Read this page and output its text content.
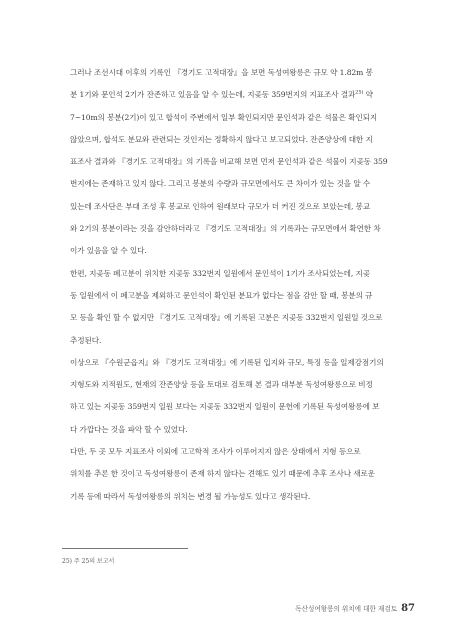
그러나 조선시대 이후의 기록인 『경기도 고적대장』을 보면 독성여왕릉은 규모 약 1.82m 봉
분 1기와 문인석 2기가 잔존하고 있음을 알 수 있는데, 지곶동 359번지의 지표조사 결과$^{25)}$ 약
7~10m의 봉분(2기)이 있고 합석이 주변에서 일부 확인되지만 문인석과 같은 석물은 확인되지
않았으며, 합석도 분묘와 관련되는 것인지는 정확하지 않다고 보고되었다. 잔존양상에 대한 지
표조사 결과와 『경기도 고적대장』의 기록을 비교해 보면 먼저 문인석과 같은 석물이 지곶동 359
번지에는 존재하고 있지 않다. 그리고 봉분의 수량과 규모면에서도 큰 차이가 있는 것을 알 수
있는데 조사단은 부대 조성 후 봉교로 인하여 원래보다 규모가 더 커진 것으로 보았는데, 봉교
와 2기의 봉분이라는 것을 감안하더라고 『경기도 고적대장』의 기록과는 규모면에서 확연한 차
이가 있음을 알 수 있다.

한편, 지곶동 폐고분이 위치한 지곶동 332번지 일원에서 문인석이 1기가 조사되었는데, 지곶
동 일원에서 이 폐고분을 제외하고 문인석이 확인된 분묘가 없다는 점을 감안 할 때, 봉분의 규
모 등을 확인 할 수 없지만 『경기도 고적대장』에 기록된 고분은 지곶동 332번지 일원일 것으로
추정된다.

이상으로 『수원군읍지』와 『경기도 고적대장』에 기록된 입지와 규모, 특징 등을 일제강점기의
지형도와 지적원도, 현재의 잔존양상 등을 토대로 검토해 본 결과 대부분 독성여왕릉으로 비정
하고 있는 지곶동 359번지 일원 보다는 지곶동 332번지 일원이 문헌에 기록된 독성여왕릉에 보
다 가깝다는 것을 파악 할 수 있었다.

다만, 두 곳 모두 지표조사 이외에 고고학적 조사가 이루어지지 않은 상태에서 지형 등으로
위치를 추론 한 것이고 독성여왕릉이 존재 하지 않다는 견해도 있기 때문에 추후 조사나 새로운
기록 등에 따라서 독성여왕릉의 위치는 변경 될 가능성도 있다고 생각된다.

25) 주 25의 보고서
독산성여왕릉의 위치에 대한 재검토 87
